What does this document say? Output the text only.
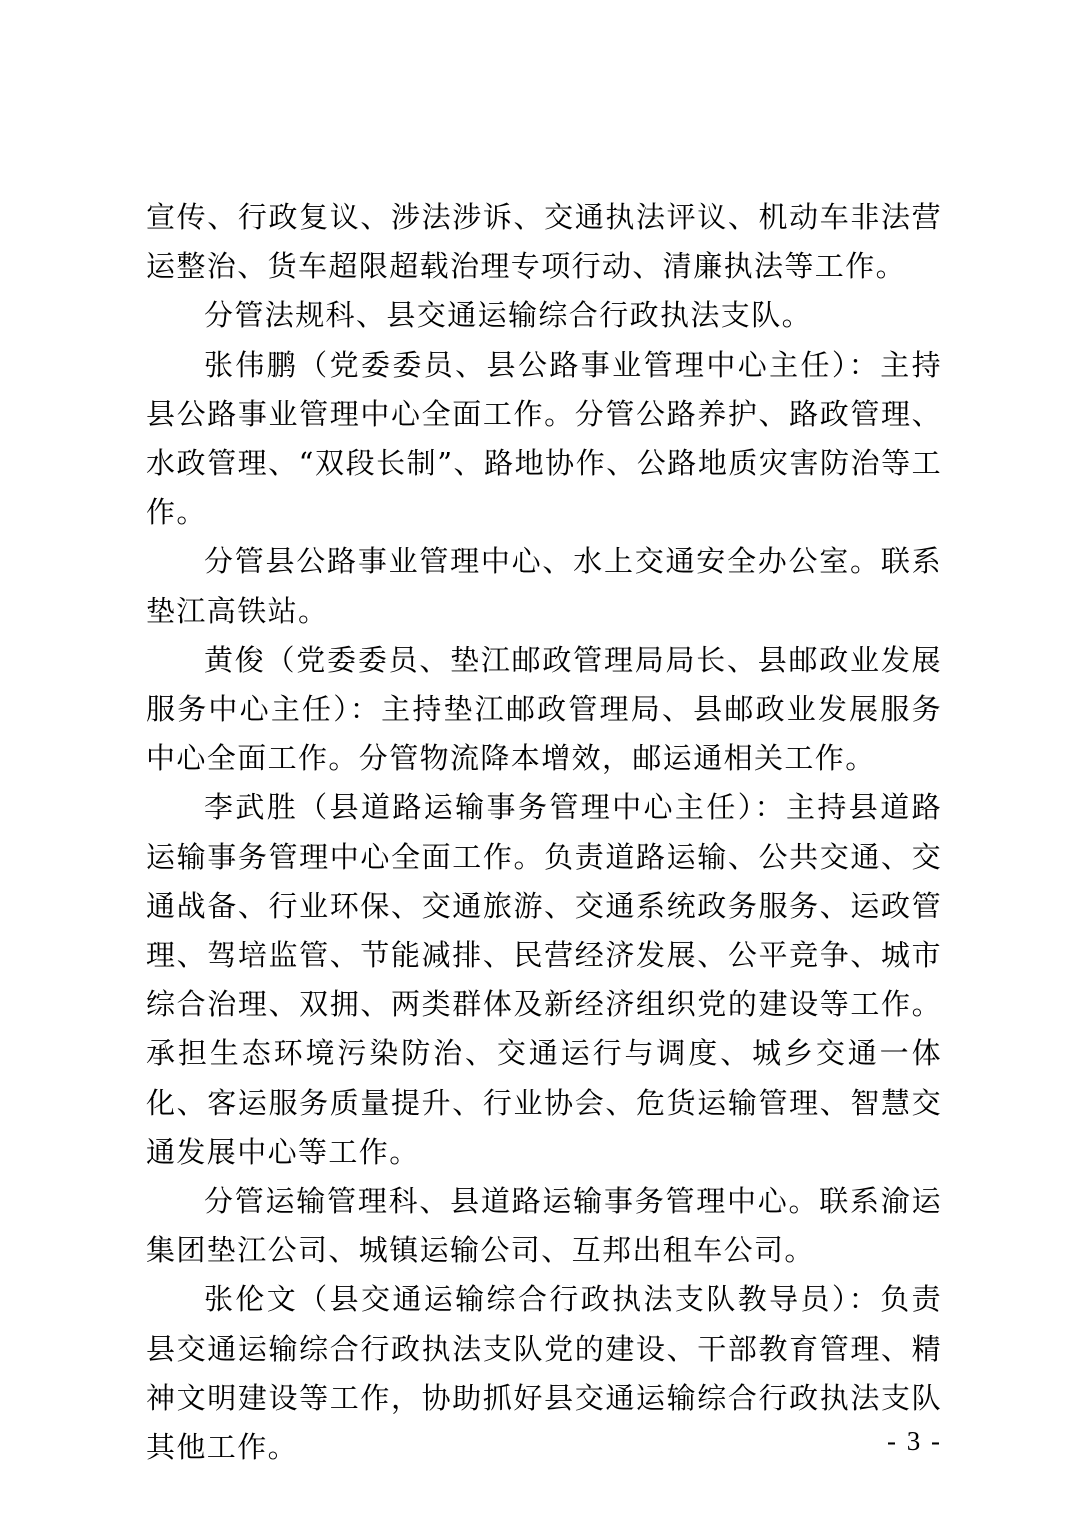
宣传、行政复议、涉法涉诉、交通执法评议、机动车非法营运整治、货车超限超载治理专项行动、清廉执法等工作。

分管法规科、县交通运输综合行政执法支队。

张伟鹏（党委委员、县公路事业管理中心主任）：主持县公路事业管理中心全面工作。分管公路养护、路政管理、水政管理、“双段长制”、路地协作、公路地质灾害防治等工作。

分管县公路事业管理中心、水上交通安全办公室。联系垫江高铁站。

黄俊（党委委员、垫江邮政管理局局长、县邮政业发展服务中心主任）：主持垫江邮政管理局、县邮政业发展服务中心全面工作。分管物流降本增效，邮运通相关工作。

李武胜（县道路运输事务管理中心主任）：主持县道路运输事务管理中心全面工作。负责道路运输、公共交通、交通战备、行业环保、交通旅游、交通系统政务服务、运政管理、驾培监管、节能减排、民营经济发展、公平竞争、城市综合治理、双拥、两类群体及新经济组织党的建设等工作。承担生态环境污染防治、交通运行与调度、城乡交通一体化、客运服务质量提升、行业协会、危货运输管理、智慧交通发展中心等工作。

分管运输管理科、县道路运输事务管理中心。联系渝运集团垫江公司、城镇运输公司、互邦出租车公司。

张伦文（县交通运输综合行政执法支队教导员）：负责县交通运输综合行政执法支队党的建设、干部教育管理、精神文明建设等工作，协助抓好县交通运输综合行政执法支队其他工作。	- 3 -
